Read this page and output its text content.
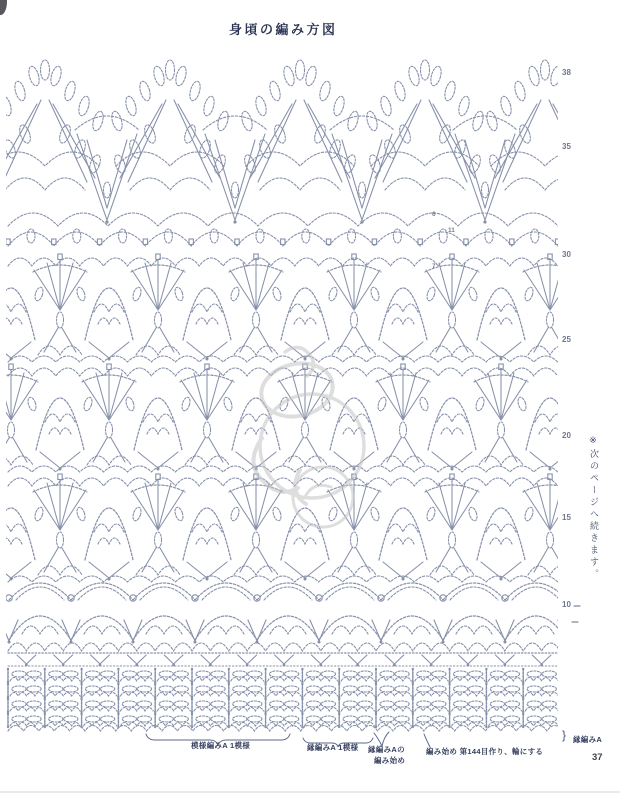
身頃の編み方図
※次のページへ続きます。
38
35
30
25
20
15
10
6
11
7
模様編みA 1模様	縁編みA 1模様 縁編みAの
編み始め
編み始め 第144目作り、輪にする
縁編みA
}
37
